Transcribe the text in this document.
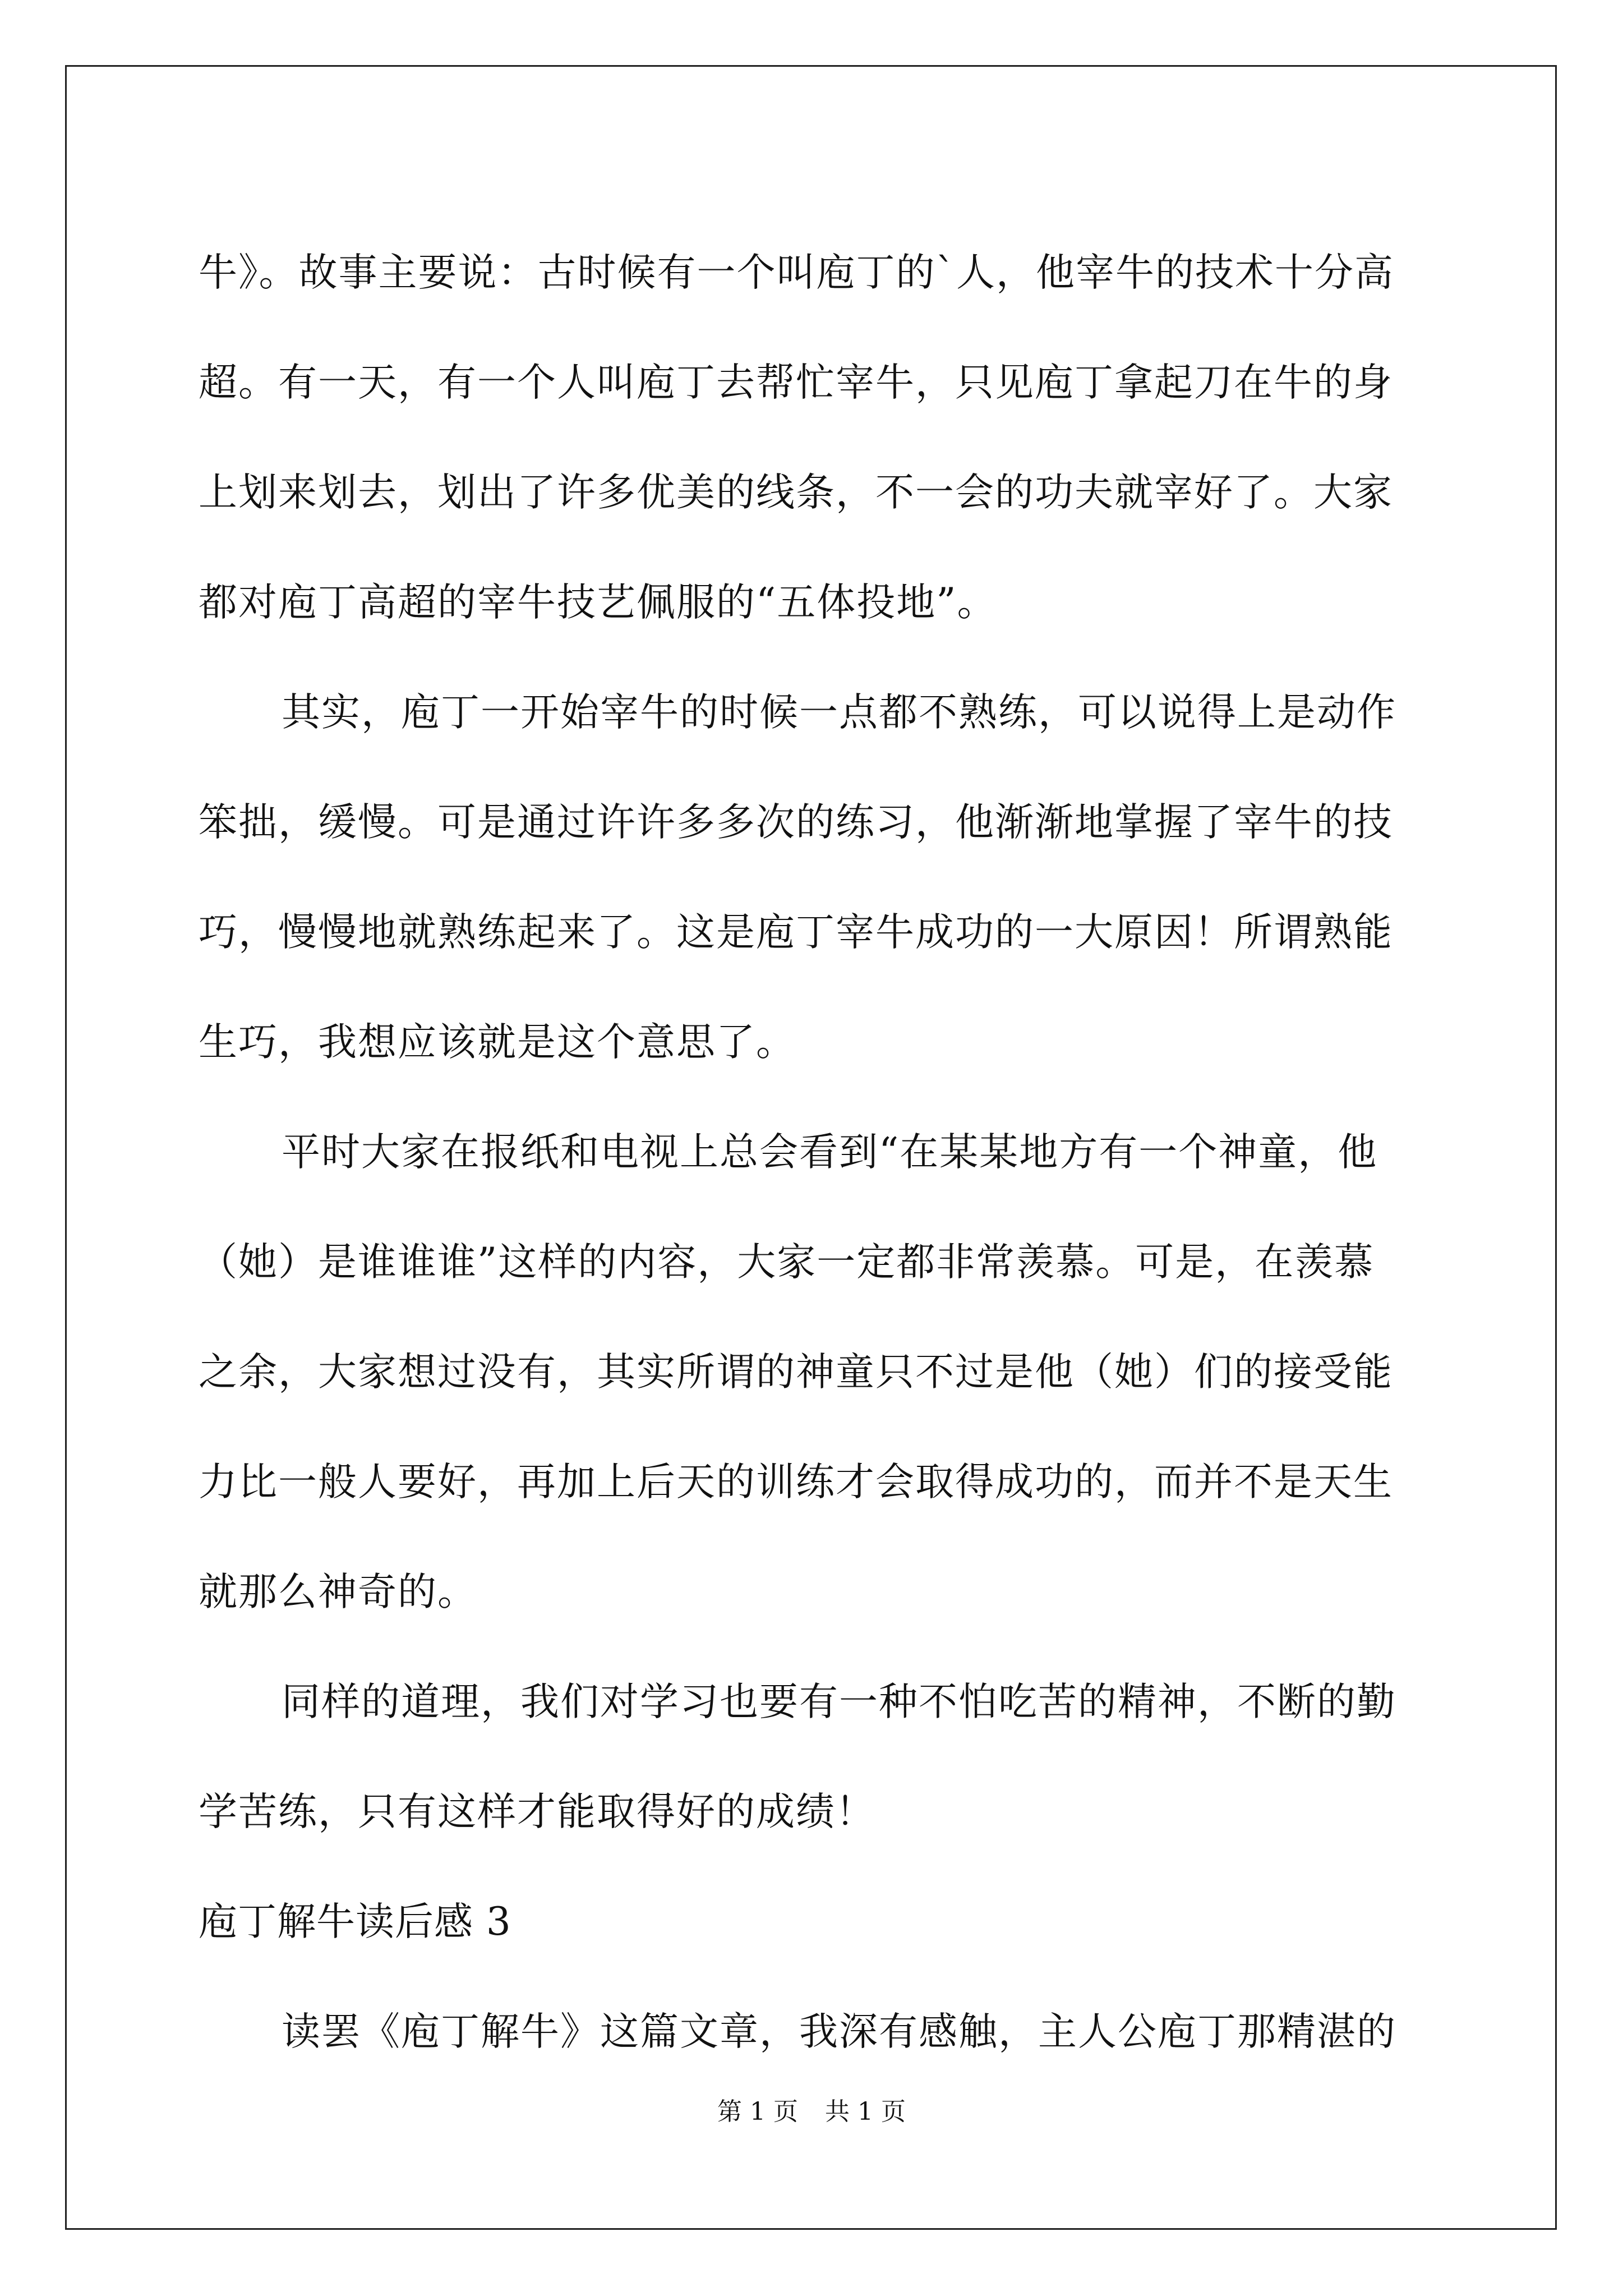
牛》。故事主要说：古时候有一个叫庖丁的`人，他宰牛的技术十分高
超。有一天，有一个人叫庖丁去帮忙宰牛，只见庖丁拿起刀在牛的身
上划来划去，划出了许多优美的线条，不一会的功夫就宰好了。大家
都对庖丁高超的宰牛技艺佩服的“五体投地”。
其实，庖丁一开始宰牛的时候一点都不熟练，可以说得上是动作
笨拙，缓慢。可是通过许许多多次的练习，他渐渐地掌握了宰牛的技
巧，慢慢地就熟练起来了。这是庖丁宰牛成功的一大原因！所谓熟能
生巧，我想应该就是这个意思了。
平时大家在报纸和电视上总会看到“在某某地方有一个神童，他
（她）是谁谁谁”这样的内容，大家一定都非常羡慕。可是，在羡慕
之余，大家想过没有，其实所谓的神童只不过是他（她）们的接受能
力比一般人要好，再加上后天的训练才会取得成功的，而并不是天生
就那么神奇的。
同样的道理，我们对学习也要有一种不怕吃苦的精神，不断的勤
学苦练，只有这样才能取得好的成绩！
庖丁解牛读后感 3
读罢《庖丁解牛》这篇文章，我深有感触，主人公庖丁那精湛的
第 1 页 共 1 页
